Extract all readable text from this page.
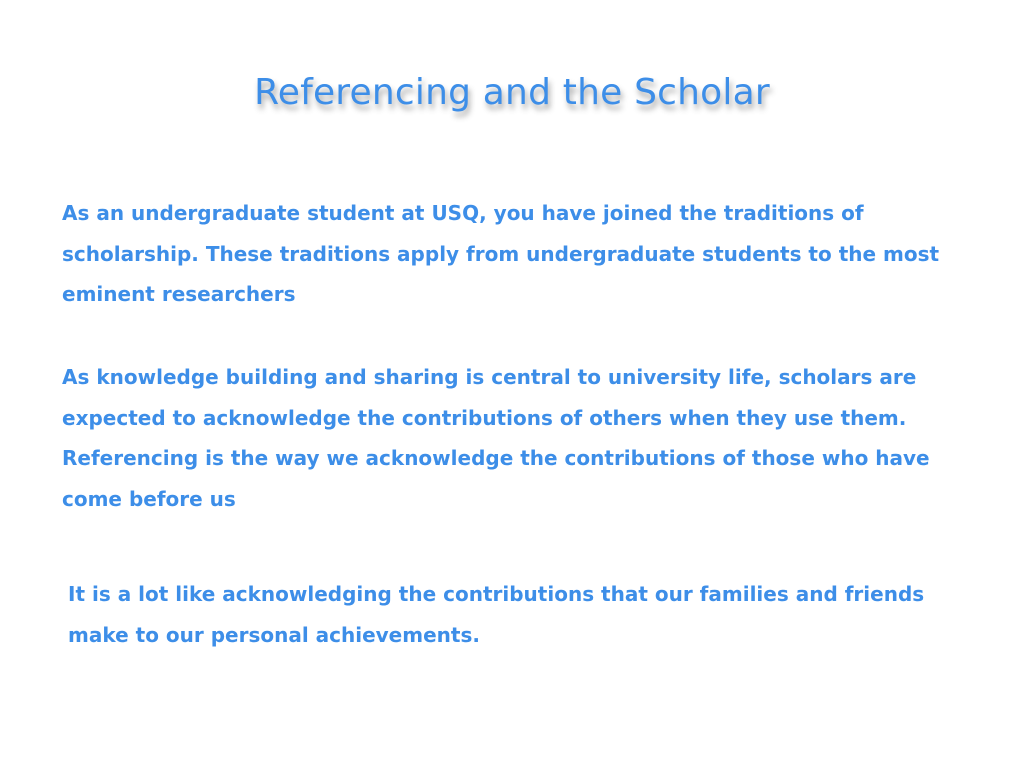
Referencing and the Scholar

As an undergraduate student at USQ, you have joined the traditions of scholarship. These traditions apply from undergraduate students to the most eminent researchers

As knowledge building and sharing is central to university life, scholars are expected to acknowledge the contributions of others when they use them. Referencing is the way we acknowledge the contributions of those who have come before us

It is a lot like acknowledging the contributions that our families and friends make to our personal achievements.
